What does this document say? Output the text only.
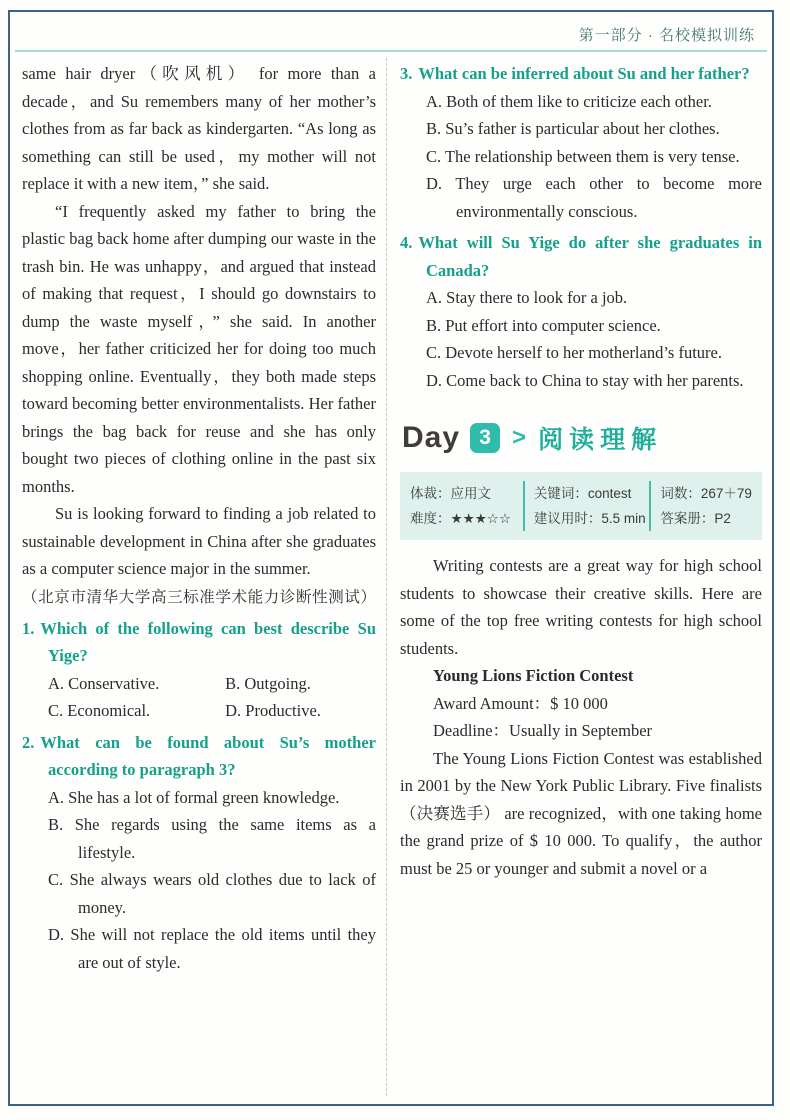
第一部分 · 名校模拟训练

same hair dryer（吹风机） for more than a decade，and Su remembers many of her mother’s clothes from as far back as kindergarten. “As long as something can still be used，my mother will not replace it with a new item，” she said.

“I frequently asked my father to bring the plastic bag back home after dumping our waste in the trash bin. He was unhappy，and argued that instead of making that request，I should go downstairs to dump the waste myself，” she said. In another move，her father criticized her for doing too much shopping online. Eventually，they both made steps toward becoming better environmentalists. Her father brings the bag back for reuse and she has only bought two pieces of clothing online in the past six months.

Su is looking forward to finding a job related to sustainable development in China after she graduates as a computer science major in the summer.

（北京市清华大学高三标准学术能力诊断性测试）

1. Which of the following can best describe Su Yige?

A. Conservative.	B. Outgoing.

C. Economical.	D. Productive.

2. What can be found about Su’s mother according to paragraph 3?

A. She has a lot of formal green knowledge.

B. She regards using the same items as a lifestyle.

C. She always wears old clothes due to lack of money.

D. She will not replace the old items until they are out of style.

3. What can be inferred about Su and her father?

A. Both of them like to criticize each other.

B. Su’s father is particular about her clothes.

C. The relationship between them is very tense.

D. They urge each other to become more environmentally conscious.

4. What will Su Yige do after she graduates in Canada?

A. Stay there to look for a job.

B. Put effort into computer science.

C. Devote herself to her motherland’s future.

D. Come back to China to stay with her parents.

Day 3 > 阅读理解
体裁：应用文	关键词：contest	词数：267＋79
难度：★★★☆☆	建议用时：5.5 min	答案册：P2

Writing contests are a great way for high school students to showcase their creative skills. Here are some of the top free writing contests for high school students.

Young Lions Fiction Contest

Award Amount：$ 10 000

Deadline：Usually in September

The Young Lions Fiction Contest was established in 2001 by the New York Public Library. Five finalists（决赛选手） are recognized，with one taking home the grand prize of $ 10 000. To qualify，the author must be 25 or younger and submit a novel or a
